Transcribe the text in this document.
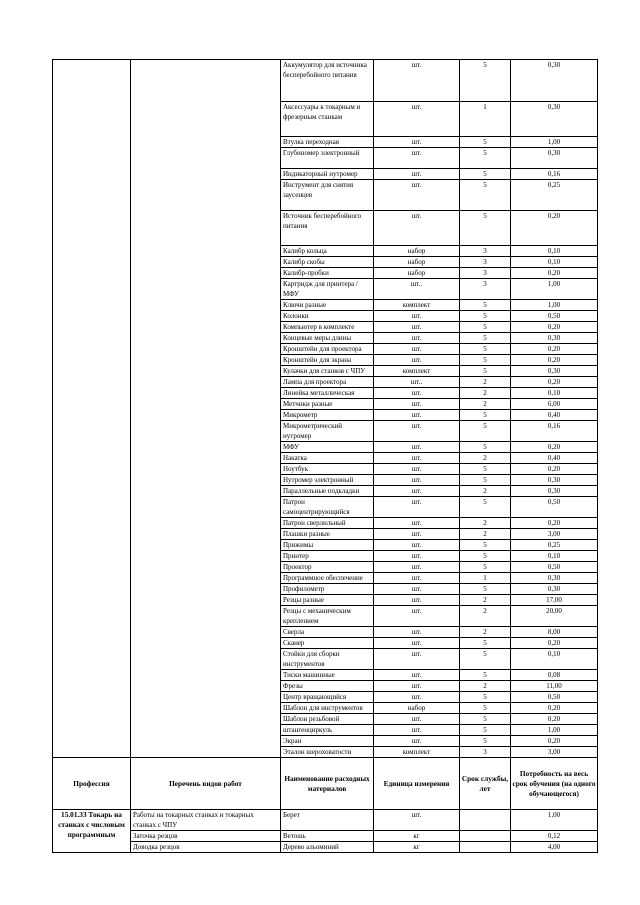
		Аккумулятор для источника бесперебойного питания	шт.	5	0,30
		Аксессуары к токарным и фрезерным станкам	шт.	1	0,30
		Втулка переходная	шт.	5	1,00
		Глубиномер электронный	шт.	5	0,30
		Индикаторный нутромер	шт.	5	0,16
		Инструмент для снятия заусенцев	шт.	5	0,25
		Источник бесперебойного питания	шт.	5	0,20
		Калибр кольца	набор	3	0,10
		Калибр скобы	набор	3	0,10
		Калибр-пробки	набор	3	0,20
		Картридж для принтера /МФУ	шт..	3	1,00
		Ключи разные	комплект	5	1,00
		Колонки	шт.	5	0,50
		Компьютер в комплекте	шт.	5	0,20
		Концевые меры длины	шт.	5	0,30
		Кронштейн для проектора	шт.	5	0,20
		Кронштейн для экрана	шт.	5	0,20
		Кулачки для станков с ЧПУ	комплект	5	0,30
		Лампа для проектора	шт..	2	0,20
		Линейка металлическая	шт.	2	0,10
		Метчики разные	шт.	2	6,00
		Микрометр	шт.	5	0,40
		Микрометрический нутромер	шт.	5	0,16
		МФУ	шт.	5	0,20
		Накатка	шт.	2	0,40
		Ноутбук	шт.	5	0,20
		Нутромер электронный	шт.	5	0,30
		Параллельные подкладки	шт.	2	0,30
		Патрон самоцентрирующийся	шт.	5	0,50
		Патрон сверлильный	шт.	2	0,20
		Плашки разные	шт.	2	3,00
		Прижимы	шт.	5	0,25
		Принтер	шт.	5	0,10
		Проектор	шт.	5	0,50
		Программное обеспечение	шт.	1	0,30
		Профилометр	шт.	5	0,30
		Резцы разные	шт.	2	17,00
		Резцы с механическим креплением	шт.	2	20,00
		Сверла	шт.	2	8,00
		Сканер	шт.	5	0,20
		Стойки для сборки инструментов	шт.	5	0,10
		Тиски машинные	шт.	5	0,08
		Фрезы	шт.	2	11,00
		Центр вращающийся	шт.	5	0,50
		Шаблон для инструментов	набор	5	0,20
		Шаблон резьбовой	шт.	5	0,20
		штангенциркуль	шт.	5	1,00
		Экран	шт.	5	0,20
		Эталон шероховатости	комплект	3	3,00
Профессия	Перечень видов работ	Наименование расходных материалов	Единица измерения	Срок службы, лет	Потребность на весь срок обучения (на одного обучающегося)
15.01.33 Токарь на станках с числовым программным	Работы на токарных станках и токарных станках с ЧПУ	Берет	шт.		1,00
	Заточка резцов	Ветошь	кг		0,12
	Доводка резцов	Дерево альоминий	кг		4,00
